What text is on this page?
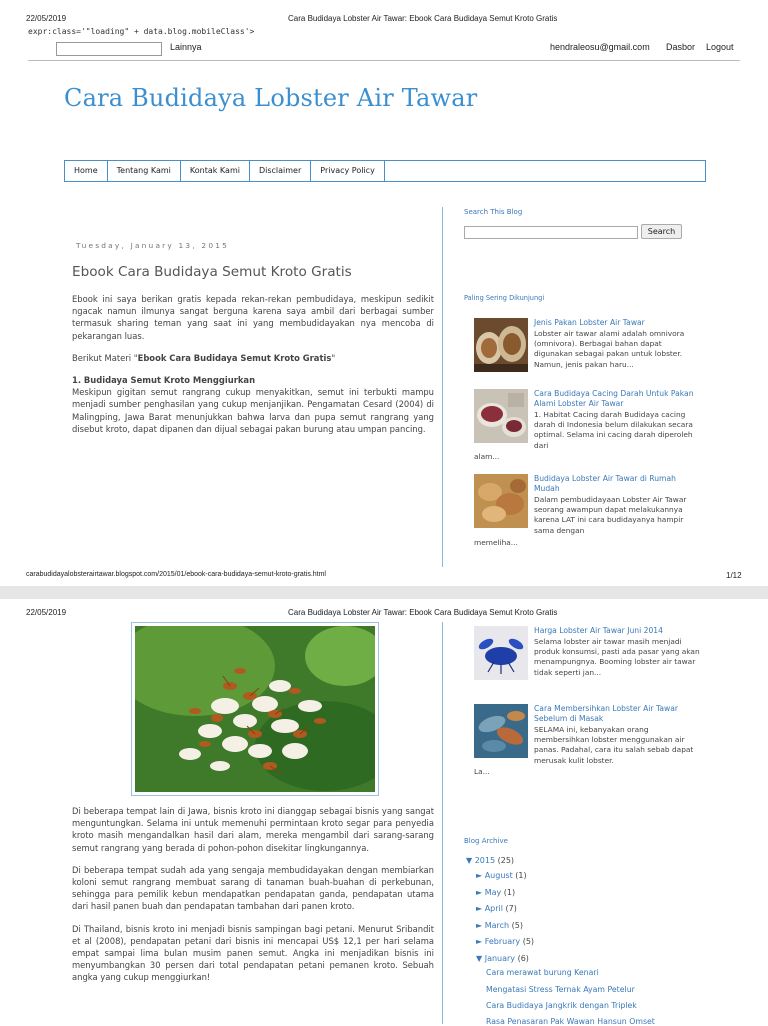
22/05/2019	Cara Budidaya Lobster Air Tawar: Ebook Cara Budidaya Semut Kroto Gratis
expr:class='"loading" + data.blog.mobileClass'>
Lainnya	hendraleosu@gmail.com Dasbor Logout
Cara Budidaya Lobster Air Tawar
Home	Tentang Kami	Kontak Kami	Disclaimer	Privacy Policy
Tuesday, January 13, 2015
Ebook Cara Budidaya Semut Kroto Gratis

Ebook ini saya berikan gratis kepada rekan-rekan pembudidaya, meskipun sedikit ngacak namun ilmunya sangat berguna karena saya ambil dari berbagai sumber termasuk sharing teman yang saat ini yang membudidayakan nya mencoba di pekarangan luas.

Berikut Materi "Ebook Cara Budidaya Semut Kroto Gratis"

1. Budidaya Semut Kroto Menggiurkan

Meskipun gigitan semut rangrang cukup menyakitkan, semut ini terbukti mampu menjadi sumber penghasilan yang cukup menjanjikan. Pengamatan Cesard (2004) di Malingping, Jawa Barat menunjukkan bahwa larva dan pupa semut rangrang yang disebut kroto, dapat dipanen dan dijual sebagai pakan burung atau umpan pancing.

Search This Blog
Search
Paling Sering Dikunjungi
Jenis Pakan Lobster Air Tawar
Lobster air tawar alami adalah omnivora (omnivora). Berbagai bahan dapat digunakan sebagai pakan untuk lobster. Namun, jenis pakan haru...
Cara Budidaya Cacing Darah Untuk Pakan Alami Lobster Air Tawar
1. Habitat Cacing darah Budidaya cacing darah di Indonesia belum dilakukan secara optimal. Selama ini cacing darah diperoleh dari
alam...
Budidaya Lobster Air Tawar di Rumah Mudah
Dalam pembudidayaan Lobster Air Tawar seorang awampun dapat melakukannya karena LAT ini cara budidayanya hampir sama dengan
memeliha...
carabudidayalobsterairtawar.blogspot.com/2015/01/ebook-cara-budidaya-semut-kroto-gratis.html	1/12
22/05/2019	Cara Budidaya Lobster Air Tawar: Ebook Cara Budidaya Semut Kroto Gratis

Di beberapa tempat lain di Jawa, bisnis kroto ini dianggap sebagai bisnis yang sangat menguntungkan. Selama ini untuk memenuhi permintaan kroto segar para penyedia kroto masih mengandalkan hasil dari alam, mereka mengambil dari sarang-sarang semut rangrang yang berada di pohon-pohon disekitar lingkungannya.

Di beberapa tempat sudah ada yang sengaja membudidayakan dengan membiarkan koloni semut rangrang membuat sarang di tanaman buah-buahan di perkebunan, sehingga para pemilik kebun mendapatkan pendapatan ganda, pendapatan utama dari hasil panen buah dan pendapatan tambahan dari panen kroto.

Di Thailand, bisnis kroto ini menjadi bisnis sampingan bagi petani. Menurut Sribandit et al (2008), pendapatan petani dari bisnis ini mencapai US$ 12,1 per hari selama empat sampai lima bulan musim panen semut. Angka ini menjadikan bisnis ini menyumbangkan 30 persen dari total pendapatan petani pemanen kroto. Sebuah angka yang cukup menggiurkan!

Harga Lobster Air Tawar Juni 2014
Selama lobster air tawar masih menjadi produk konsumsi, pasti ada pasar yang akan menampungnya. Booming lobster air tawar tidak seperti jan...
Cara Membersihkan Lobster Air Tawar Sebelum di Masak
SELAMA ini, kebanyakan orang membersihkan lobster menggunakan air panas. Padahal, cara itu salah sebab dapat merusak kulit lobster.
La...
Blog Archive
▼ 2015 (25)
► August (1)
► May (1)
► April (7)
► March (5)
► February (5)
▼ January (6)
Cara merawat burung Kenari
Mengatasi Stress Ternak Ayam Petelur
Cara Budidaya Jangkrik dengan Triplek
Rasa Penasaran Pak Wawan Hansun Omset
